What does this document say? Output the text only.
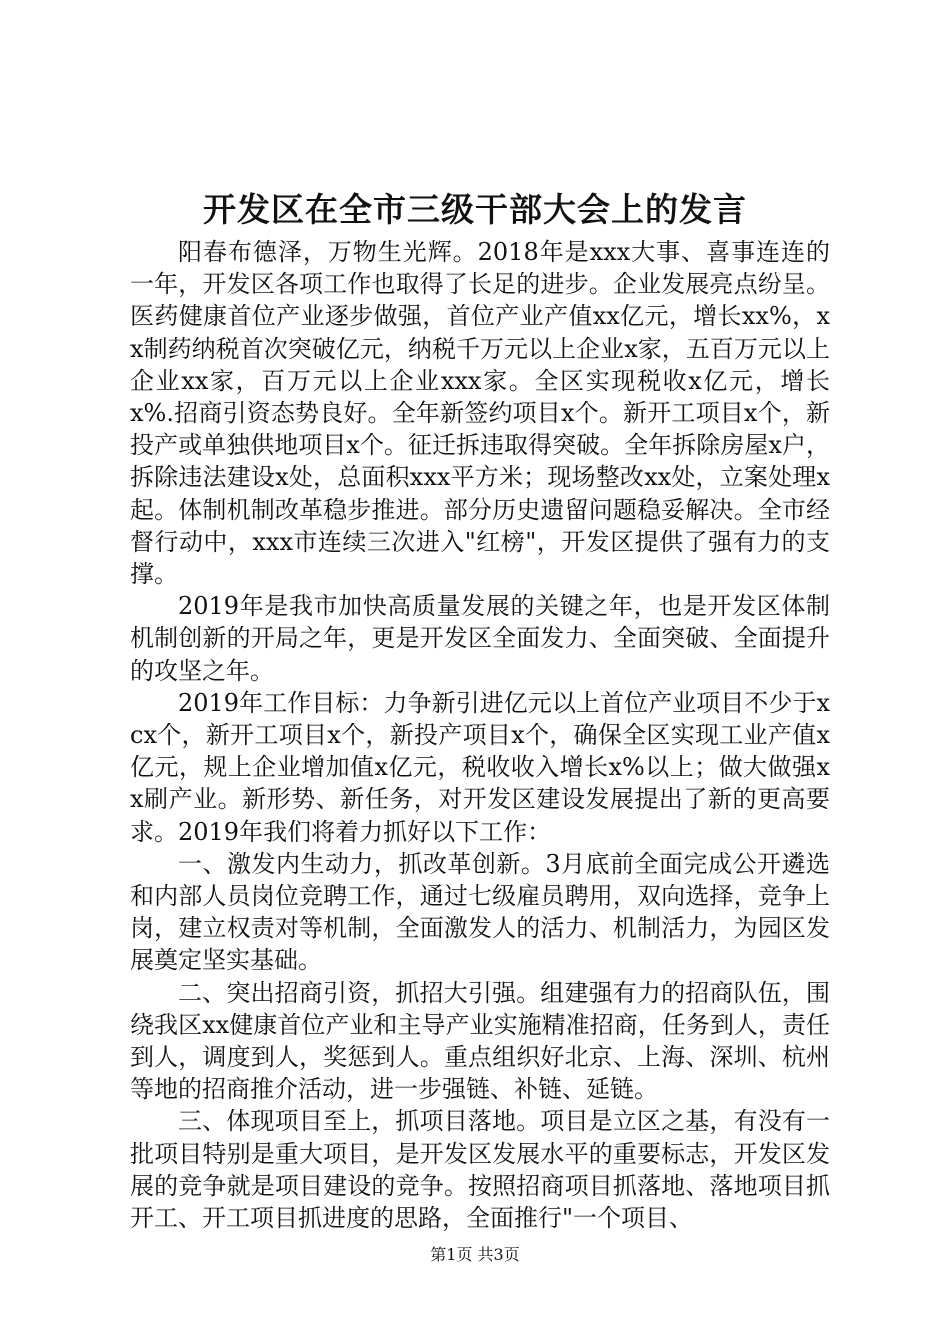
开发区在全市三级干部大会上的发言

阳春布德泽，万物生光辉。2018年是xxx大事、喜事连连的一年，开发区各项工作也取得了长足的进步。企业发展亮点纷呈。医药健康首位产业逐步做强，首位产业产值xx亿元，增长xx%，xx制药纳税首次突破亿元，纳税千万元以上企业x家，五百万元以上企业xx家，百万元以上企业xxx家。全区实现税收x亿元，增长x%.招商引资态势良好。全年新签约项目x个。新开工项目x个，新投产或单独供地项目x个。征迁拆违取得突破。全年拆除房屋x户，拆除违法建设x处，总面积xxx平方米；现场整改xx处，立案处理x起。体制机制改革稳步推进。部分历史遗留问题稳妥解决。全市经督行动中，xxx市连续三次进入"红榜"，开发区提供了强有力的支撑。

2019年是我市加快高质量发展的关键之年，也是开发区体制机制创新的开局之年，更是开发区全面发力、全面突破、全面提升的攻坚之年。

2019年工作目标：力争新引进亿元以上首位产业项目不少于xcx个，新开工项目x个，新投产项目x个，确保全区实现工业产值x亿元，规上企业增加值x亿元，税收收入增长x%以上；做大做强xx刷产业。新形势、新任务，对开发区建设发展提出了新的更高要求。2019年我们将着力抓好以下工作：

一、激发内生动力，抓改革创新。3月底前全面完成公开遴选和内部人员岗位竞聘工作，通过七级雇员聘用，双向选择，竞争上岗，建立权责对等机制，全面激发人的活力、机制活力，为园区发展奠定坚实基础。

二、突出招商引资，抓招大引强。组建强有力的招商队伍，围绕我区xx健康首位产业和主导产业实施精准招商，任务到人，责任到人，调度到人，奖惩到人。重点组织好北京、上海、深圳、杭州等地的招商推介活动，进一步强链、补链、延链。

三、体现项目至上，抓项目落地。项目是立区之基，有没有一批项目特别是重大项目，是开发区发展水平的重要标志，开发区发展的竞争就是项目建设的竞争。按照招商项目抓落地、落地项目抓开工、开工项目抓进度的思路，全面推行"一个项目、

第1页 共3页
